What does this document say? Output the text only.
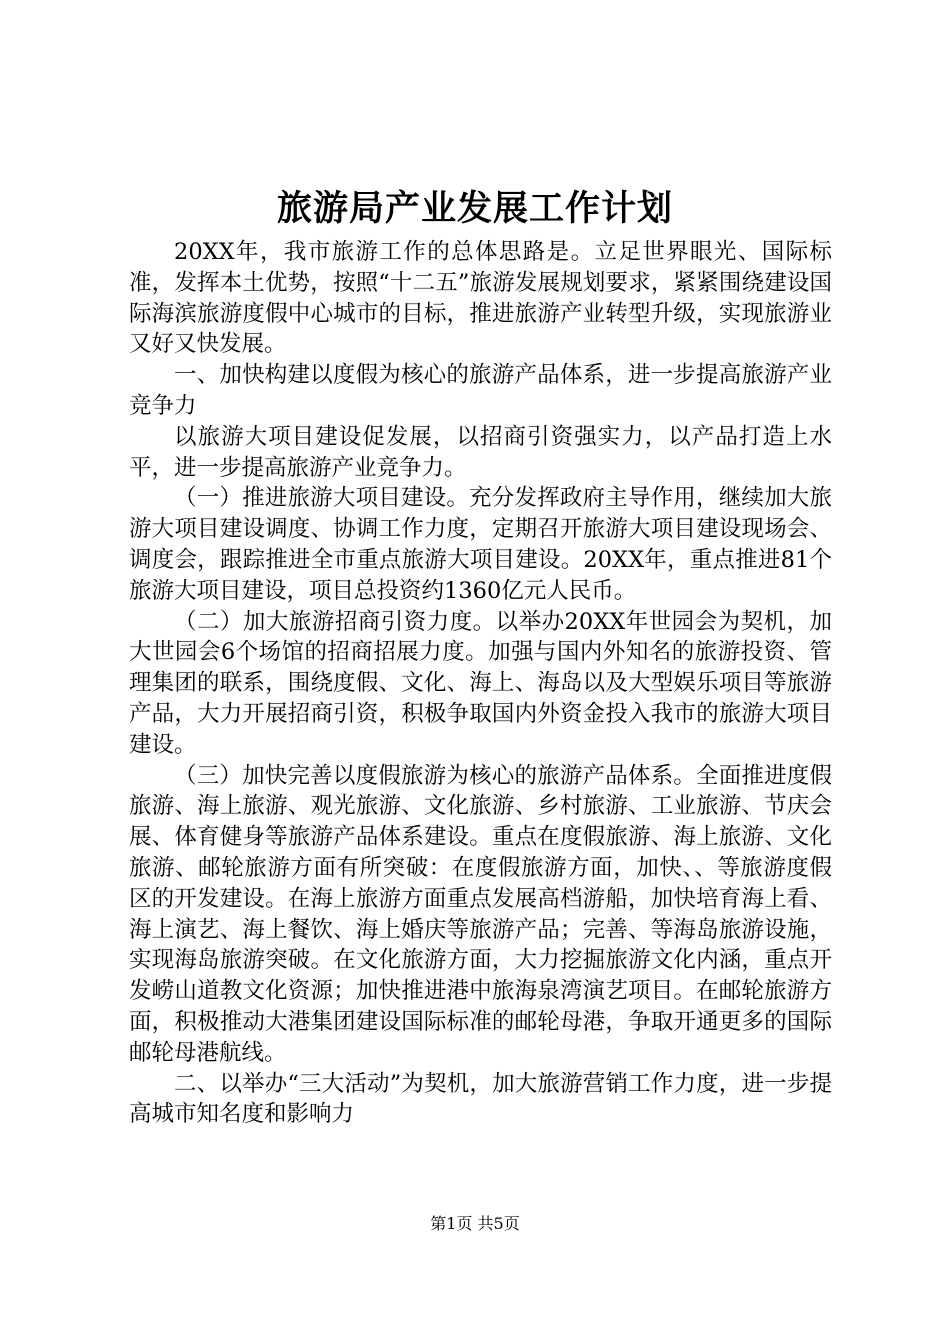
旅游局产业发展工作计划

20XX年，我市旅游工作的总体思路是。立足世界眼光、国际标准，发挥本土优势，按照“十二五”旅游发展规划要求，紧紧围绕建设国际海滨旅游度假中心城市的目标，推进旅游产业转型升级，实现旅游业又好又快发展。

一、加快构建以度假为核心的旅游产品体系，进一步提高旅游产业竞争力

以旅游大项目建设促发展，以招商引资强实力，以产品打造上水平，进一步提高旅游产业竞争力。

（一）推进旅游大项目建设。充分发挥政府主导作用，继续加大旅游大项目建设调度、协调工作力度，定期召开旅游大项目建设现场会、调度会，跟踪推进全市重点旅游大项目建设。20XX年，重点推进81个旅游大项目建设，项目总投资约1360亿元人民币。

（二）加大旅游招商引资力度。以举办20XX年世园会为契机，加大世园会6个场馆的招商招展力度。加强与国内外知名的旅游投资、管理集团的联系，围绕度假、文化、海上、海岛以及大型娱乐项目等旅游产品，大力开展招商引资，积极争取国内外资金投入我市的旅游大项目建设。

（三）加快完善以度假旅游为核心的旅游产品体系。全面推进度假旅游、海上旅游、观光旅游、文化旅游、乡村旅游、工业旅游、节庆会展、体育健身等旅游产品体系建设。重点在度假旅游、海上旅游、文化旅游、邮轮旅游方面有所突破：在度假旅游方面，加快、、等旅游度假区的开发建设。在海上旅游方面重点发展高档游船，加快培育海上看、海上演艺、海上餐饮、海上婚庆等旅游产品；完善、等海岛旅游设施，实现海岛旅游突破。在文化旅游方面，大力挖掘旅游文化内涵，重点开发崂山道教文化资源；加快推进港中旅海泉湾演艺项目。在邮轮旅游方面，积极推动大港集团建设国际标准的邮轮母港，争取开通更多的国际邮轮母港航线。

二、以举办“三大活动”为契机，加大旅游营销工作力度，进一步提高城市知名度和影响力

第1页 共5页
